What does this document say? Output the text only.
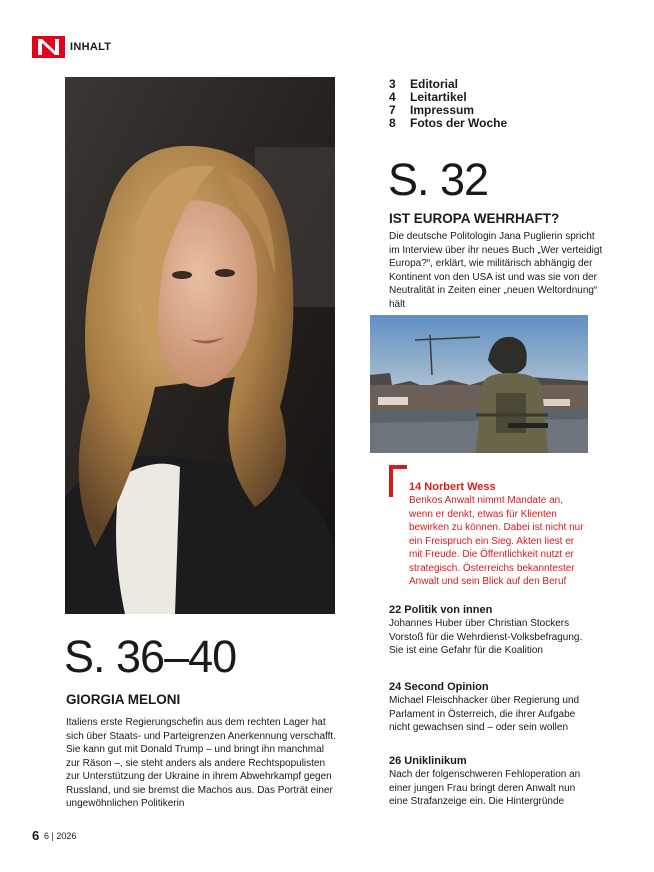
INHALT
3	Editorial
4	Leitartikel
7	Impressum
8	Fotos der Woche
S. 32
IST EUROPA WEHRHAFT?
Die deutsche Politologin Jana Puglierin spricht im Interview über ihr neues Buch „Wer verteidigt Europa?“, erklärt, wie militärisch abhängig der Kontinent von den USA ist und was sie von der Neutralität in Zeiten einer „neuen Weltordnung“ hält
14 Norbert Wess
Benkos Anwalt nimmt Mandate an, wenn er denkt, etwas für Klienten bewirken zu können. Dabei ist nicht nur ein Freispruch ein Sieg. Akten liest er mit Freude. Die Öffentlichkeit nutzt er strategisch. Österreichs bekanntester Anwalt und sein Blick auf den Beruf
22 Politik von innen
Johannes Huber über Christian Stockers Vorstoß für die Wehrdienst-Volksbefragung. Sie ist eine Gefahr für die Koalition
24 Second Opinion
Michael Fleischhacker über Regierung und Parlament in Österreich, die ihrer Aufgabe nicht gewachsen sind – oder sein wollen
26 Uniklinikum
Nach der folgenschweren Fehloperation an einer jungen Frau bringt deren Anwalt nun eine Strafanzeige ein. Die Hintergründe
S. 36–40
GIORGIA MELONI
Italiens erste Regierungschefin aus dem rechten Lager hat sich über Staats- und Parteigrenzen Anerkennung verschafft. Sie kann gut mit Donald Trump – und bringt ihn manchmal zur Räson –, sie steht anders als andere Rechtspopulisten zur Unterstützung der Ukraine in ihrem Abwehrkampf gegen Russland, und sie bremst die Machos aus. Das Porträt einer ungewöhnlichen Politikerin
6 6 | 2026
